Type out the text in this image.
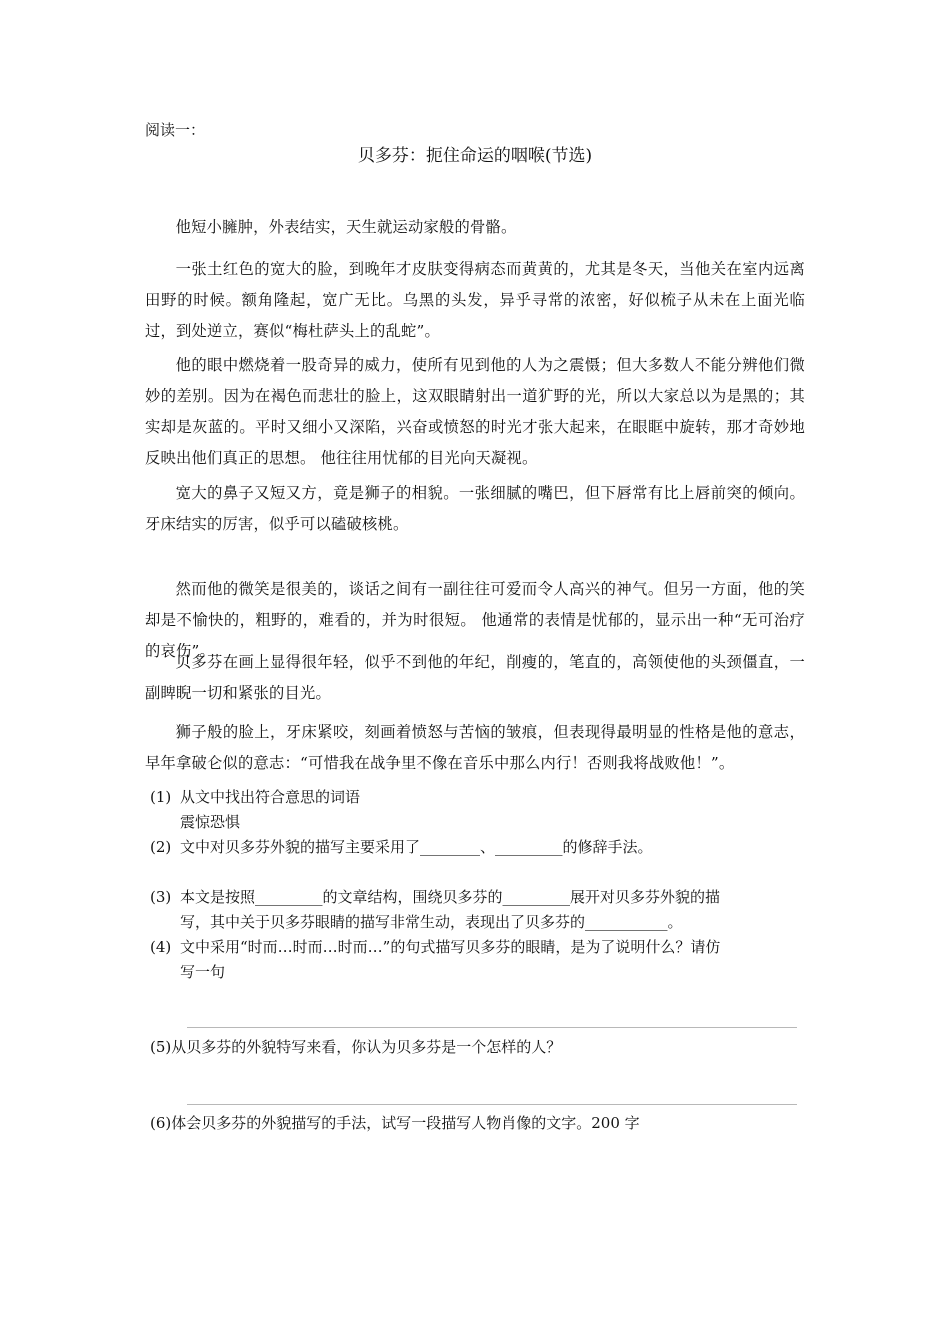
阅读一：
贝多芬：扼住命运的咽喉(节选)

他短小臃肿，外表结实，天生就运动家般的骨骼。

一张土红色的宽大的脸，到晚年才皮肤变得病态而黄黄的，尤其是冬天，当他关在室内远离田野的时候。额角隆起，宽广无比。乌黑的头发，异乎寻常的浓密，好似梳子从未在上面光临过，到处逆立，赛似“梅杜萨头上的乱蛇”。

他的眼中燃烧着一股奇异的威力，使所有见到他的人为之震慑；但大多数人不能分辨他们微妙的差别。因为在褐色而悲壮的脸上，这双眼睛射出一道犷野的光，所以大家总以为是黑的；其实却是灰蓝的。平时又细小又深陷，兴奋或愤怒的时光才张大起来，在眼眶中旋转，那才奇妙地反映出他们真正的思想。 他往往用忧郁的目光向天凝视。

宽大的鼻子又短又方，竟是狮子的相貌。一张细腻的嘴巴，但下唇常有比上唇前突的倾向。牙床结实的厉害，似乎可以磕破核桃。

然而他的微笑是很美的，谈话之间有一副往往可爱而令人高兴的神气。但另一方面，他的笑却是不愉快的，粗野的，难看的，并为时很短。 他通常的表情是忧郁的，显示出一种“无可治疗的哀伤”。

贝多芬在画上显得很年轻，似乎不到他的年纪，削瘦的，笔直的，高领使他的头颈僵直，一副睥睨一切和紧张的目光。

狮子般的脸上，牙床紧咬，刻画着愤怒与苦恼的皱痕，但表现得最明显的性格是他的意志，早年拿破仑似的意志：“可惜我在战争里不像在音乐中那么内行！否则我将战败他！”。

(1) 从文中找出符合意思的词语
震惊恐惧
(2) 文中对贝多芬外貌的描写主要采用了________、_________的修辞手法。
(3) 本文是按照_________的文章结构，围绕贝多芬的_________展开对贝多芬外貌的描
写，其中关于贝多芬眼睛的描写非常生动，表现出了贝多芬的___________。
(4) 文中采用“时而…时而…时而…”的句式描写贝多芬的眼睛，是为了说明什么？请仿
写一句
(5)从贝多芬的外貌特写来看，你认为贝多芬是一个怎样的人？
(6)体会贝多芬的外貌描写的手法，试写一段描写人物肖像的文字。200 字
